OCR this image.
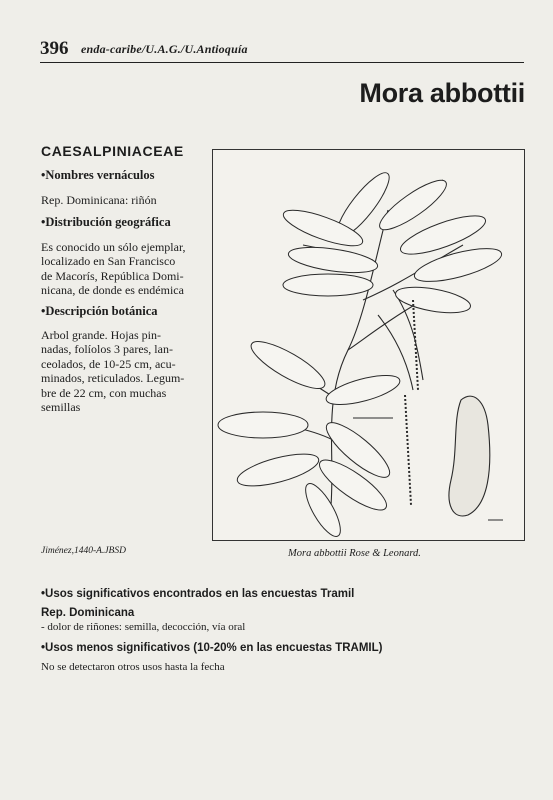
396 enda-caribe/U.A.G./U.Antioquía
Mora abbottii
CAESALPINIACEAE
•Nombres vernáculos
Rep. Dominicana: riñón
•Distribución geográfica
Es conocido un sólo ejemplar,
localizado en San Francisco
de Macorís, República Domi-
nicana, de donde es endémica
•Descripción botánica
Arbol grande. Hojas pin-
nadas, folíolos 3 pares, lan-
ceolados, de 10-25 cm, acu-
minados, reticulados. Legum-
bre de 22 cm, con muchas
semillas
Jiménez,1440-A.JBSD	Mora abbottii Rose & Leonard.
•Usos significativos encontrados en las encuestas Tramil
Rep. Dominicana
- dolor de riñones: semilla, decocción, vía oral
•Usos menos significativos (10-20% en las encuestas TRAMIL)
No se detectaron otros usos hasta la fecha
